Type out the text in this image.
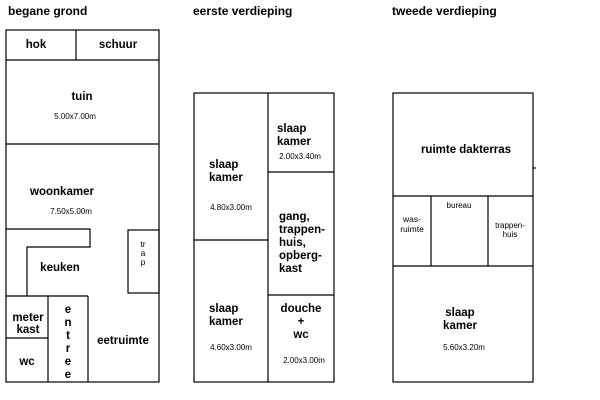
begane grond	eerste verdieping	tweede verdieping
hok	schuur
tuin
5.00x7.00m
woonkamer
7.50x5.00m
keuken
trap
meter
kast
entree
wc
eetruimte
slaap
kamer
4.80x3.00m
slaap
kamer
2.00x3.40m
gang,
trappen-
huis,
opberg-
kast
slaap
kamer
4.60x3.00m
douche
+
wc
2.00x3.00m
ruimte dakterras
was-
ruimte
bureau
trappen-
huis
slaap
kamer
5.60x3.20m
